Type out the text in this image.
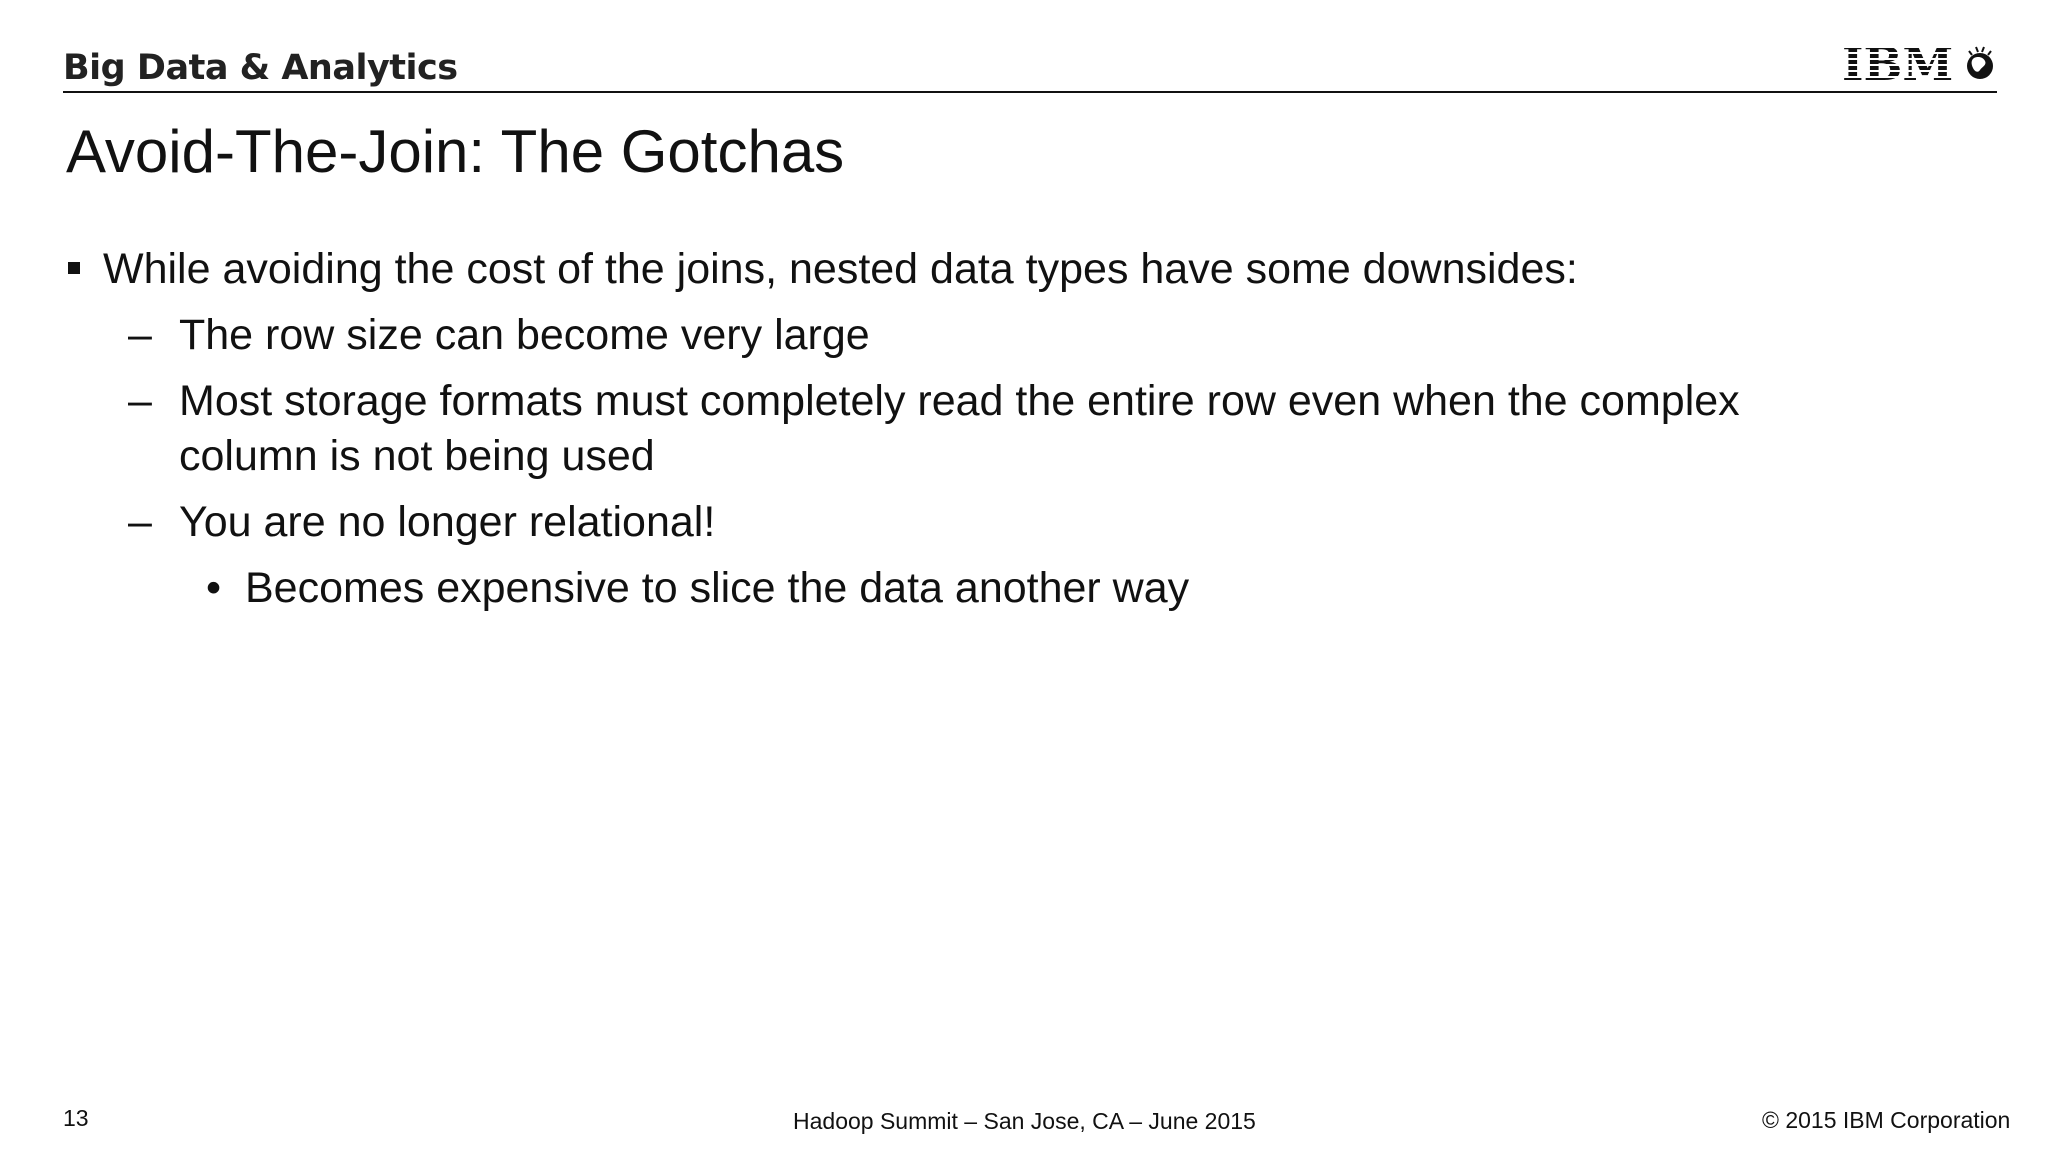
Big Data & Analytics
Avoid-The-Join: The Gotchas
While avoiding the cost of the joins, nested data types have some downsides:
– The row size can become very large
– Most storage formats must completely read the entire row even when the complex
column is not being used
– You are no longer relational!
• Becomes expensive to slice the data another way
13	Hadoop Summit – San Jose, CA – June 2015	© 2015 IBM Corporation
